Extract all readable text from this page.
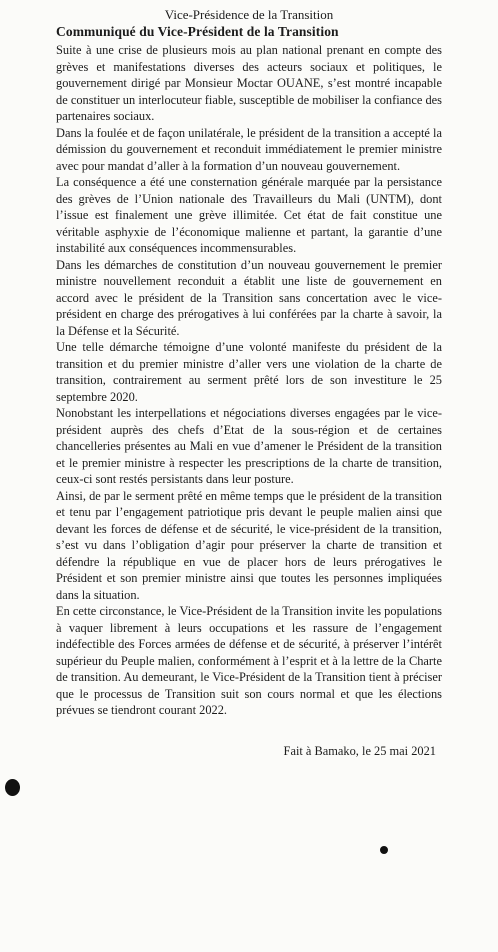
Vice-Présidence de la Transition

Communiqué du Vice-Président de la Transition

Suite à une crise de plusieurs mois au plan national prenant en compte des grèves et manifestations diverses des acteurs sociaux et politiques, le gouvernement dirigé par Monsieur Moctar OUANE, s’est montré incapable de constituer un interlocuteur fiable, susceptible de mobiliser la confiance des partenaires sociaux.

Dans la foulée et de façon unilatérale, le président de la transition a accepté la démission du gouvernement et reconduit immédiatement le premier ministre avec pour mandat d’aller à la formation d’un nouveau gouvernement.

La conséquence a été une consternation générale marquée par la persistance des grèves de l’Union nationale des Travailleurs du Mali (UNTM), dont l’issue est finalement une grève illimitée. Cet état de fait constitue une véritable asphyxie de l’économique malienne et partant, la garantie d’une instabilité aux conséquences incommensurables.

Dans les démarches de constitution d’un nouveau gouvernement le premier ministre nouvellement reconduit a établit une liste de gouvernement en accord avec le président de la Transition sans concertation avec le vice-président en charge des prérogatives à lui conférées par la charte à savoir, la la Défense et la Sécurité.

Une telle démarche témoigne d’une volonté manifeste du président de la transition et du premier ministre d’aller vers une violation de la charte de transition, contrairement au serment prêté lors de son investiture le 25 septembre 2020.

Nonobstant les interpellations et négociations diverses engagées par le vice-président auprès des chefs d’Etat de la sous-région et de certaines chancelleries présentes au Mali en vue d’amener le Président de la transition et le premier ministre à respecter les prescriptions de la charte de transition, ceux-ci sont restés persistants dans leur posture.

Ainsi, de par le serment prêté en même temps que le président de la transition et tenu par l’engagement patriotique pris devant le peuple malien ainsi que devant les forces de défense et de sécurité, le vice-président de la transition, s’est vu dans l’obligation d’agir pour préserver la charte de transition et défendre la république en vue de placer hors de leurs prérogatives le Président et son premier ministre ainsi que toutes les personnes impliquées dans la situation.

En cette circonstance, le Vice-Président de la Transition invite les populations à vaquer librement à leurs occupations et les rassure de l’engagement indéfectible des Forces armées de défense et de sécurité, à préserver l’intérêt supérieur du Peuple malien, conformément à l’esprit et à la lettre de la Charte de transition. Au demeurant, le Vice-Président de la Transition tient à préciser que le processus de Transition suit son cours normal et que les élections prévues se tiendront courant 2022.

Fait à Bamako, le 25 mai 2021
